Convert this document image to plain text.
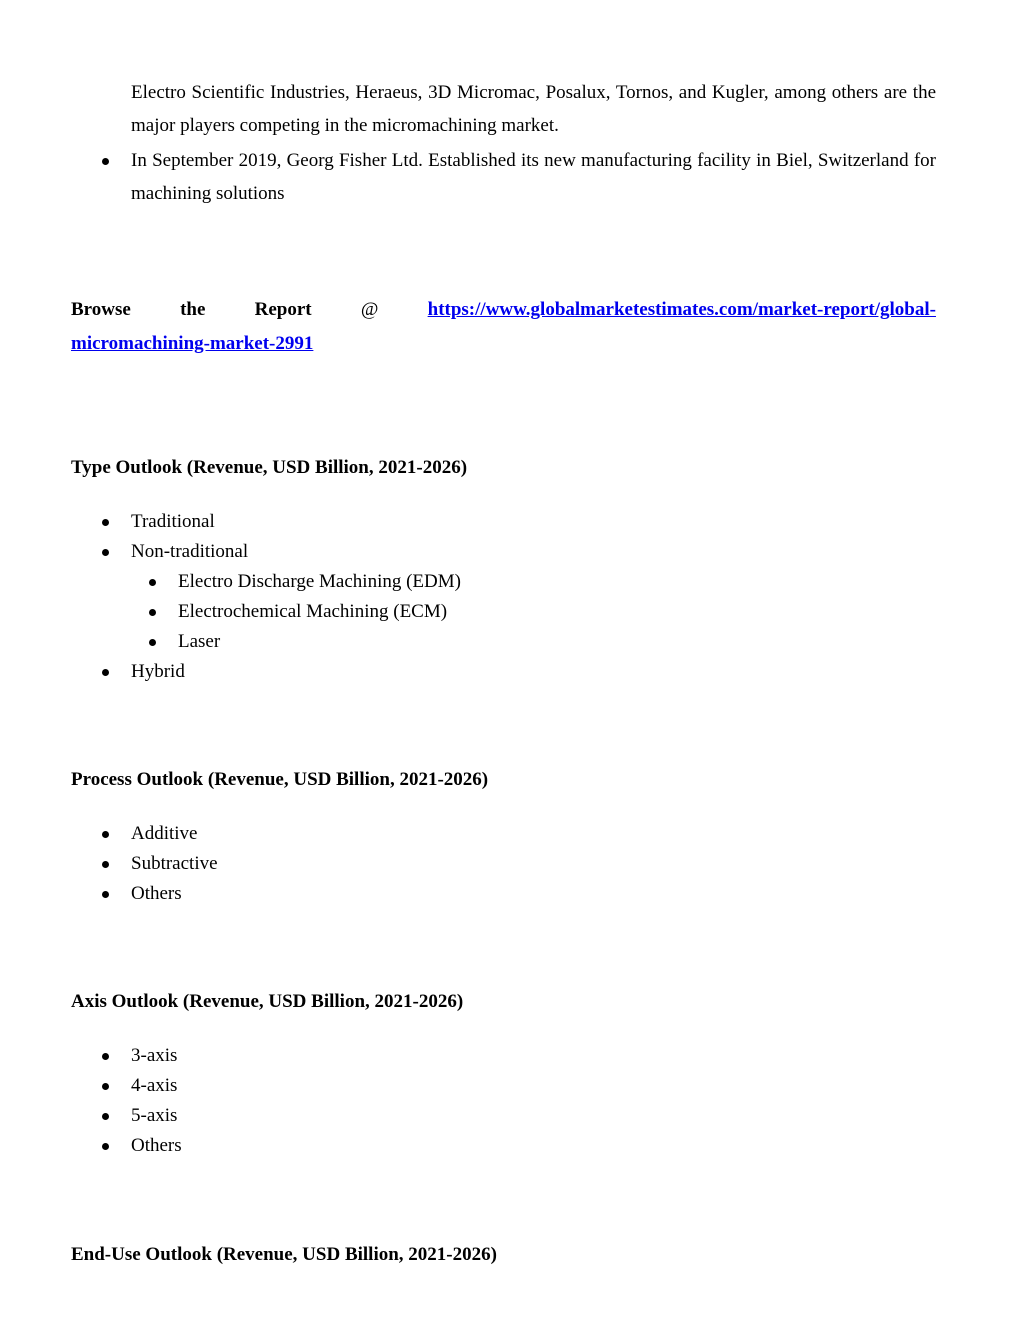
Electro Scientific Industries, Heraeus, 3D Micromac, Posalux, Tornos, and Kugler, among others are the
major players competing in the micromachining market.
In September 2019, Georg Fisher Ltd. Established its new manufacturing facility in Biel, Switzerland for
machining solutions
Browse	the	Report	@	https://www.globalmarketestimates.com/market-report/global-
micromachining-market-2991
Type Outlook (Revenue, USD Billion, 2021-2026)
Traditional
Non-traditional
Electro Discharge Machining (EDM)
Electrochemical Machining (ECM)
Laser
Hybrid
Process Outlook (Revenue, USD Billion, 2021-2026)
Additive
Subtractive
Others
Axis Outlook (Revenue, USD Billion, 2021-2026)
3-axis
4-axis
5-axis
Others
End-Use Outlook (Revenue, USD Billion, 2021-2026)
